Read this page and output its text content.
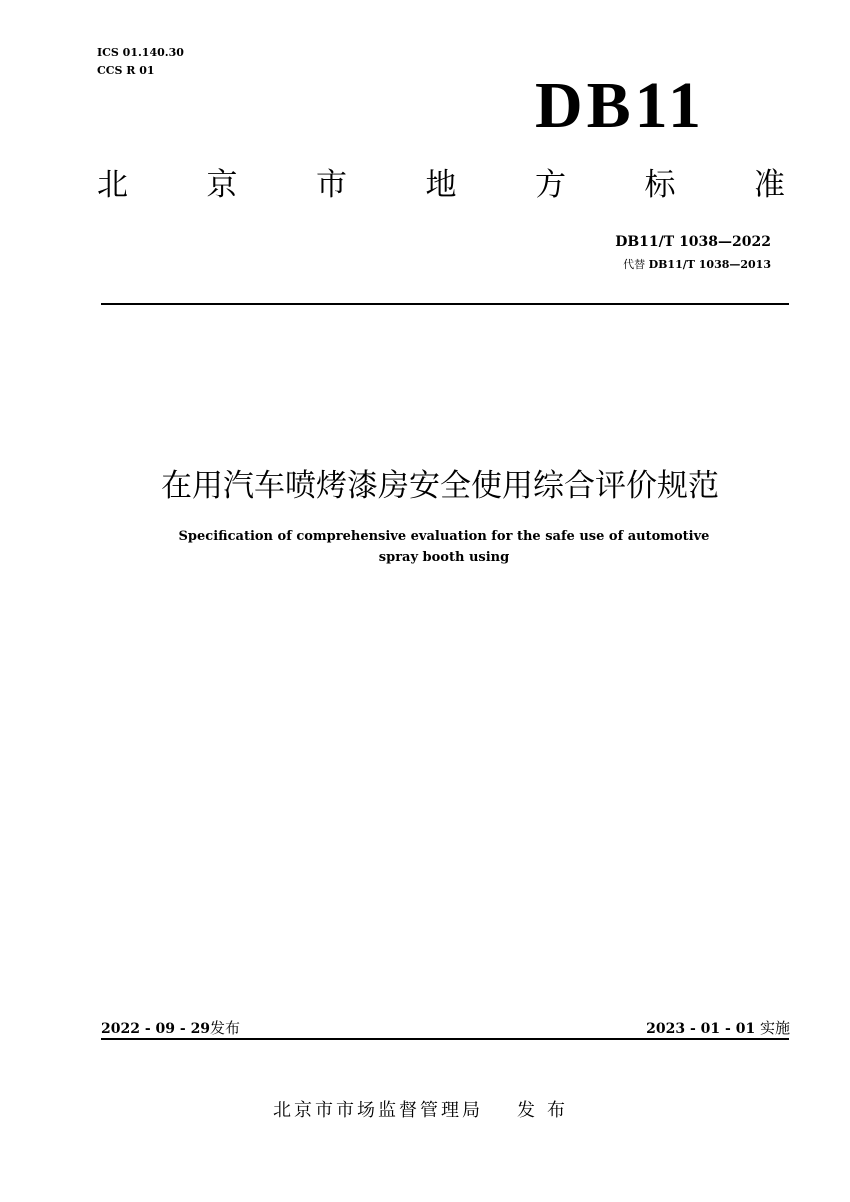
ICS 01.140.30
CCS R 01	DB11
北	京	市	地	方	标	准
DB11/T 1038—2022
代替 DB11/T 1038—2013
在用汽车喷烤漆房安全使用综合评价规范
Specification of comprehensive evaluation for the safe use of automotive
spray booth using
2022 - 09 - 29发布	2023 - 01 - 01 实施
北京市市场监督管理局 发布
